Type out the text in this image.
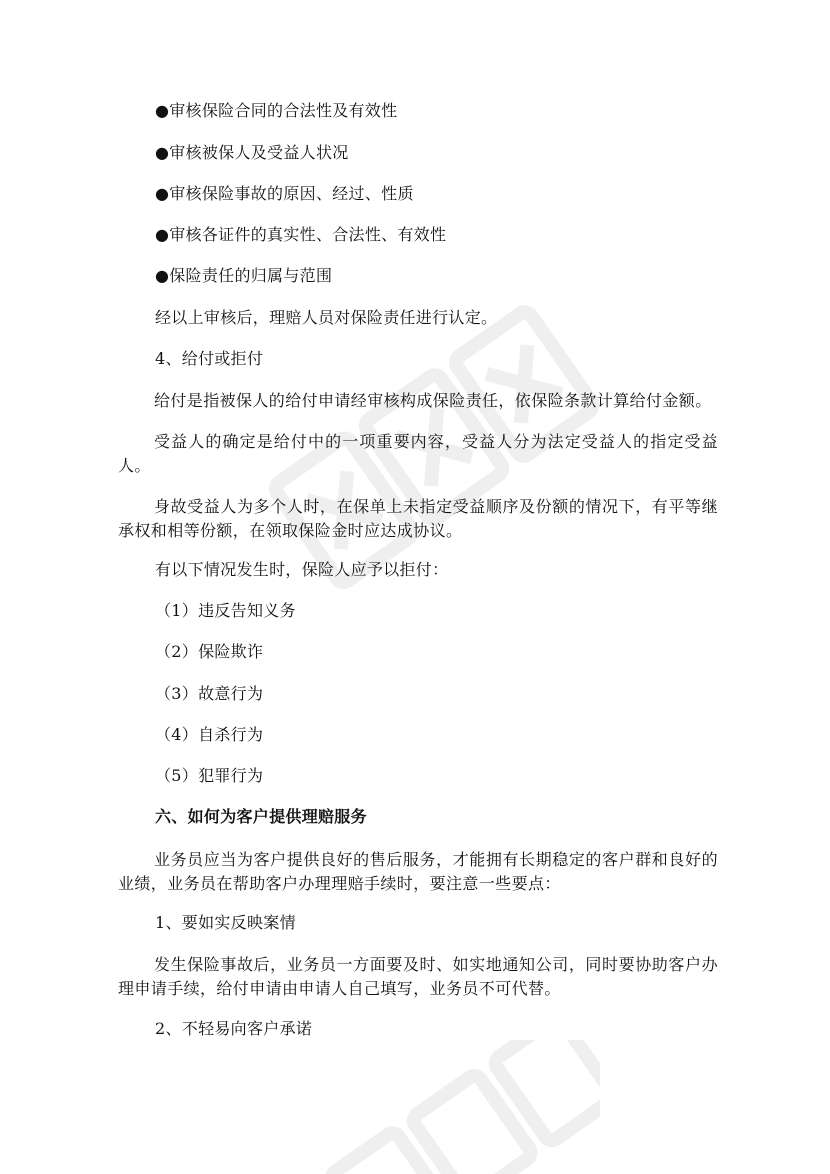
●审核保险合同的合法性及有效性
●审核被保人及受益人状况
●审核保险事故的原因、经过、性质
●审核各证件的真实性、合法性、有效性
●保险责任的归属与范围
经以上审核后，理赔人员对保险责任进行认定。
4、给付或拒付
给付是指被保人的给付申请经审核构成保险责任，依保险条款计算给付金额。
受益人的确定是给付中的一项重要内容，受益人分为法定受益人的指定受益人。
身故受益人为多个人时，在保单上未指定受益顺序及份额的情况下，有平等继承权和相等份额，在领取保险金时应达成协议。
有以下情况发生时，保险人应予以拒付：
（1）违反告知义务
（2）保险欺诈
（3）故意行为
（4）自杀行为
（5）犯罪行为
六、如何为客户提供理赔服务
业务员应当为客户提供良好的售后服务，才能拥有长期稳定的客户群和良好的业绩，业务员在帮助客户办理理赔手续时，要注意一些要点：
1、要如实反映案情
发生保险事故后，业务员一方面要及时、如实地通知公司，同时要协助客户办理申请手续，给付申请由申请人自己填写，业务员不可代替。
2、不轻易向客户承诺
